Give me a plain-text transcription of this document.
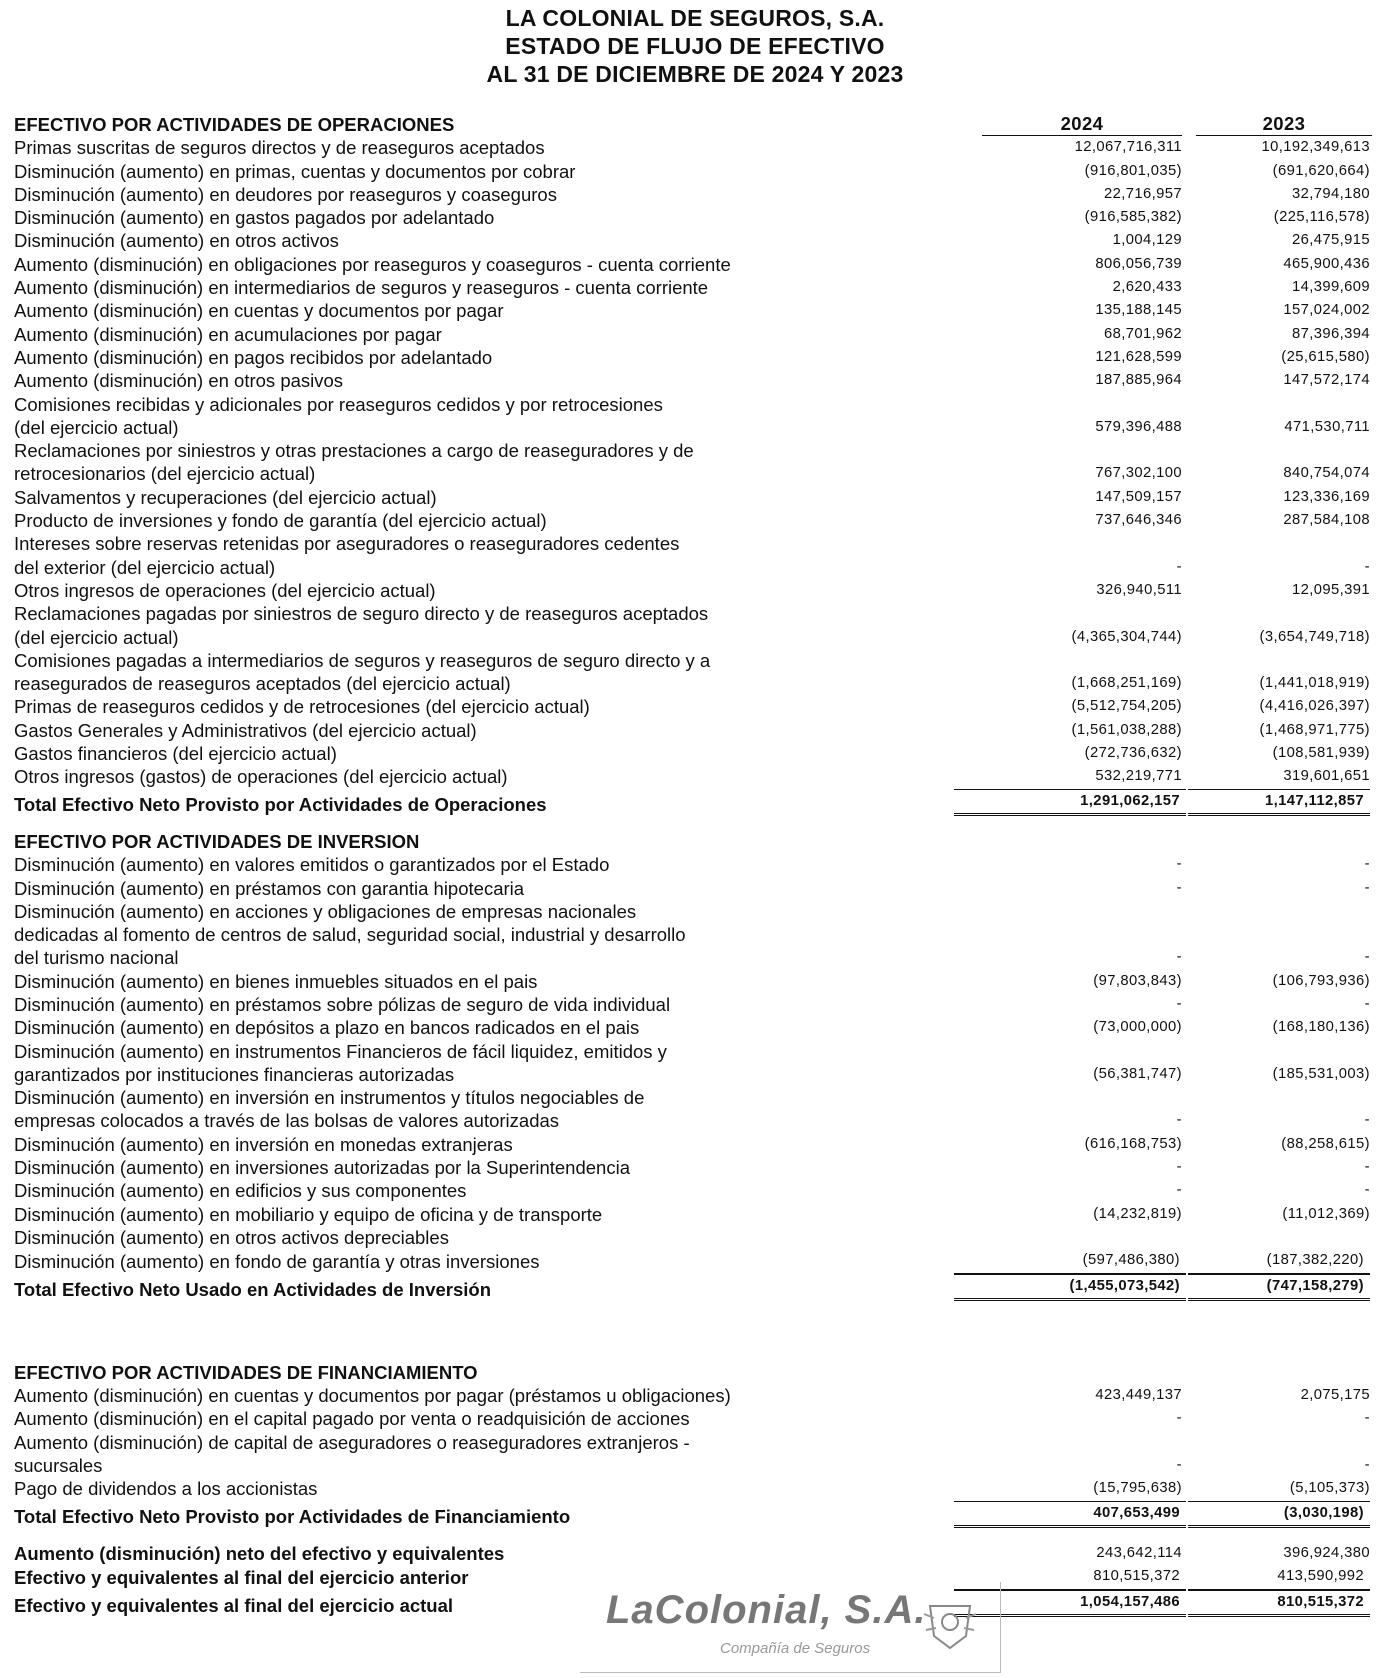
LA COLONIAL DE SEGUROS, S.A.
ESTADO DE FLUJO DE EFECTIVO
AL 31 DE DICIEMBRE DE 2024 Y 2023
EFECTIVO POR ACTIVIDADES DE OPERACIONES	2024	2023
Primas suscritas de seguros directos y de reaseguros aceptados	12,067,716,311	10,192,349,613
Disminución (aumento) en primas, cuentas y documentos por cobrar	(916,801,035)	(691,620,664)
Disminución (aumento) en deudores por reaseguros y coaseguros	22,716,957	32,794,180
Disminución (aumento) en gastos pagados por adelantado	(916,585,382)	(225,116,578)
Disminución (aumento) en otros activos	1,004,129	26,475,915
Aumento (disminución) en obligaciones por reaseguros y coaseguros - cuenta corriente	806,056,739	465,900,436
Aumento (disminución) en intermediarios de seguros y reaseguros - cuenta corriente	2,620,433	14,399,609
Aumento (disminución) en cuentas y documentos por pagar	135,188,145	157,024,002
Aumento (disminución) en acumulaciones por pagar	68,701,962	87,396,394
Aumento (disminución) en pagos recibidos por adelantado	121,628,599	(25,615,580)
Aumento (disminución) en otros pasivos	187,885,964	147,572,174
Comisiones recibidas y adicionales por reaseguros cedidos y por retrocesiones
(del ejercicio actual)	579,396,488	471,530,711
Reclamaciones por siniestros y otras prestaciones a cargo de reaseguradores y de
retrocesionarios (del ejercicio actual)	767,302,100	840,754,074
Salvamentos y recuperaciones (del ejercicio actual)	147,509,157	123,336,169
Producto de inversiones y fondo de garantía (del ejercicio actual)	737,646,346	287,584,108
Intereses sobre reservas retenidas por aseguradores o reaseguradores cedentes
del exterior (del ejercicio actual)	-	-
Otros ingresos de operaciones (del ejercicio actual)	326,940,511	12,095,391
Reclamaciones pagadas por siniestros de seguro directo y de reaseguros aceptados
(del ejercicio actual)	(4,365,304,744)	(3,654,749,718)
Comisiones pagadas a intermediarios de seguros y reaseguros de seguro directo y a
reasegurados de reaseguros aceptados (del ejercicio actual)	(1,668,251,169)	(1,441,018,919)
Primas de reaseguros cedidos y de retrocesiones (del ejercicio actual)	(5,512,754,205)	(4,416,026,397)
Gastos Generales y Administrativos (del ejercicio actual)	(1,561,038,288)	(1,468,971,775)
Gastos financieros (del ejercicio actual)	(272,736,632)	(108,581,939)
Otros ingresos (gastos) de operaciones (del ejercicio actual)	532,219,771	319,601,651
Total Efectivo Neto Provisto por Actividades de Operaciones	1,291,062,157	1,147,112,857
EFECTIVO POR ACTIVIDADES DE INVERSION
Disminución (aumento) en valores emitidos o garantizados por el Estado	-	-
Disminución (aumento) en préstamos con garantia hipotecaria	-	-
Disminución (aumento) en acciones y obligaciones de empresas nacionales
dedicadas al fomento de centros de salud, seguridad social, industrial y desarrollo
del turismo nacional	-	-
Disminución (aumento) en bienes inmuebles situados en el pais	(97,803,843)	(106,793,936)
Disminución (aumento) en préstamos sobre pólizas de seguro de vida individual	-	-
Disminución (aumento) en depósitos a plazo en bancos radicados en el pais	(73,000,000)	(168,180,136)
Disminución (aumento) en instrumentos Financieros de fácil liquidez, emitidos y
garantizados por instituciones financieras autorizadas	(56,381,747)	(185,531,003)
Disminución (aumento) en inversión en instrumentos y títulos negociables de
empresas colocados a través de las bolsas de valores autorizadas	-	-
Disminución (aumento) en inversión en monedas extranjeras	(616,168,753)	(88,258,615)
Disminución (aumento) en inversiones autorizadas por la Superintendencia	-	-
Disminución (aumento) en edificios y sus componentes	-	-
Disminución (aumento) en mobiliario y equipo de oficina y de transporte	(14,232,819)	(11,012,369)
Disminución (aumento) en otros activos depreciables
Disminución (aumento) en fondo de garantía y otras inversiones	(597,486,380)	(187,382,220)
Total Efectivo Neto Usado en Actividades de Inversión	(1,455,073,542)	(747,158,279)
EFECTIVO POR ACTIVIDADES DE FINANCIAMIENTO
Aumento (disminución) en cuentas y documentos por pagar (préstamos u obligaciones)	423,449,137	2,075,175
Aumento (disminución) en el capital pagado por venta o readquisición de acciones	-	-
Aumento (disminución) de capital de aseguradores o reaseguradores extranjeros -
sucursales	-	-
Pago de dividendos a los accionistas	(15,795,638)	(5,105,373)
Total Efectivo Neto Provisto por Actividades de Financiamiento	407,653,499	(3,030,198)
Aumento (disminución) neto del efectivo y equivalentes	243,642,114	396,924,380
Efectivo y equivalentes al final del ejercicio anterior	810,515,372	413,590,992
Efectivo y equivalentes al final del ejercicio actual	1,054,157,486	810,515,372
LaColonial, S.A.
Compañía de Seguros
